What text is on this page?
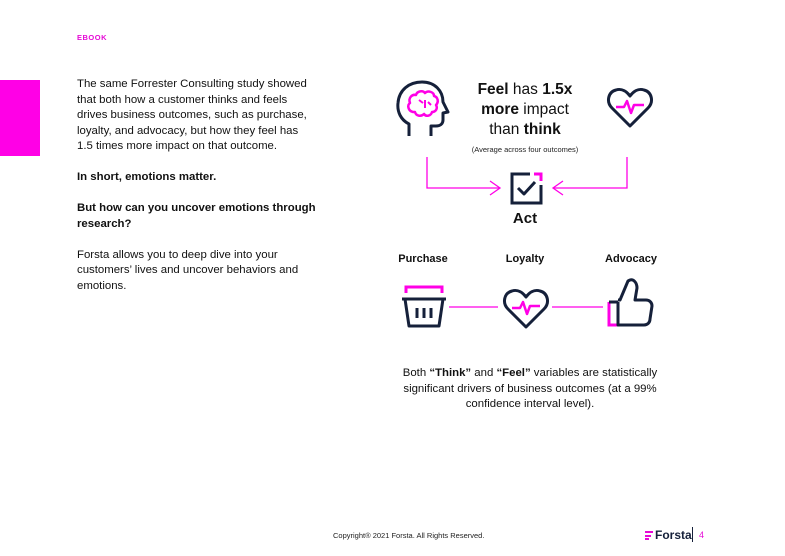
EBOOK

The same Forrester Consulting study showed that both how a customer thinks and feels drives business outcomes, such as purchase, loyalty, and advocacy, but how they feel has 1.5 times more impact on that outcome.

In short, emotions matter.

But how can you uncover emotions through research?

Forsta allows you to deep dive into your customers’ lives and uncover behaviors and emotions.

Feel has 1.5x
more impact
than think
(Average across four outcomes)
Act
Purchase	Loyalty	Advocacy
Both “Think” and “Feel” variables are statistically significant drivers of business outcomes (at a 99% confidence interval level).
Copyright® 2021 Forsta. All Rights Reserved.	Forsta 4
